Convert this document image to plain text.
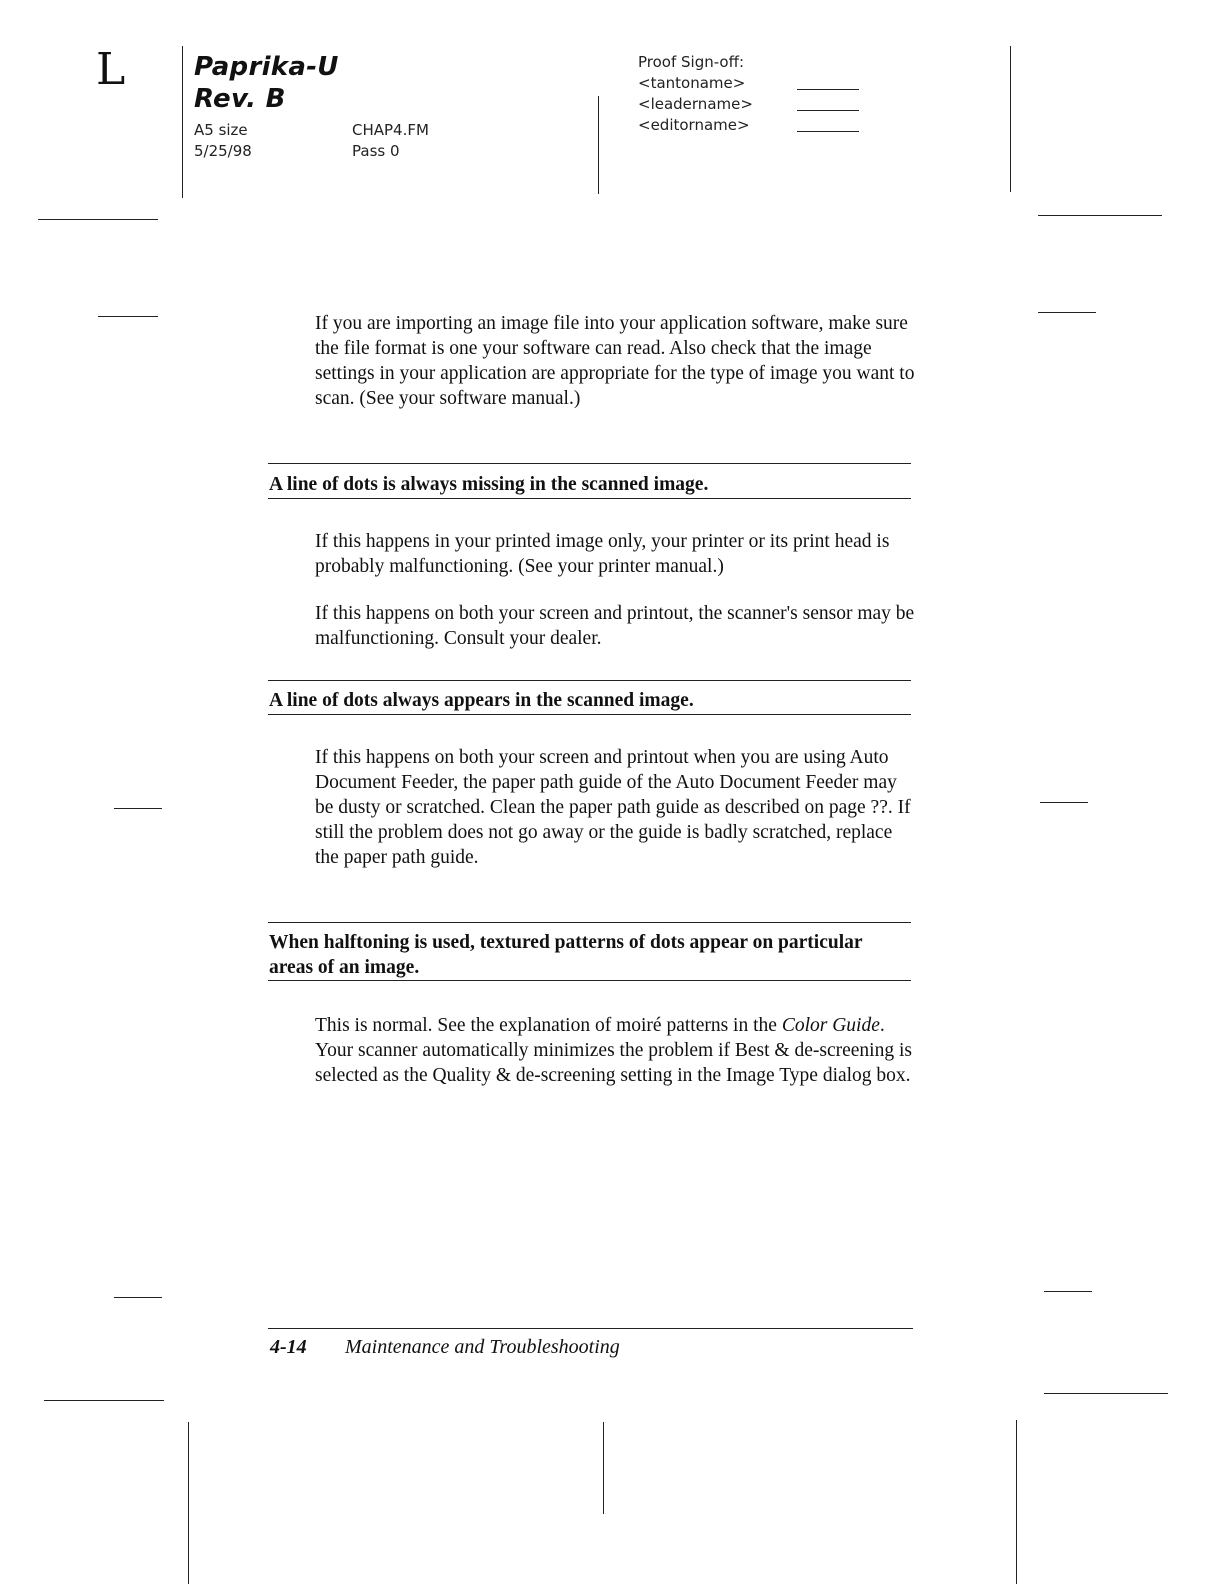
L	Paprika-U
Rev. B
A5 size
5/25/98
CHAP4.FM
Pass 0
Proof Sign-off:
<tantoname>
<leadername>
<editorname>

If you are importing an image file into your application software, make sure the file format is one your software can read. Also check that the image settings in your application are appropriate for the type of image you want to scan. (See your software manual.)

A line of dots is always missing in the scanned image.

If this happens in your printed image only, your printer or its print head is probably malfunctioning. (See your printer manual.)

If this happens on both your screen and printout, the scanner's sensor may be malfunctioning. Consult your dealer.

A line of dots always appears in the scanned image.

If this happens on both your screen and printout when you are using Auto Document Feeder, the paper path guide of the Auto Document Feeder may be dusty or scratched. Clean the paper path guide as described on page ??. If still the problem does not go away or the guide is badly scratched, replace the paper path guide.

When halftoning is used, textured patterns of dots appear on particular areas of an image.

This is normal. See the explanation of moiré patterns in the Color Guide. Your scanner automatically minimizes the problem if Best & de-screening is selected as the Quality & de-screening setting in the Image Type dialog box.

4-14 Maintenance and Troubleshooting
